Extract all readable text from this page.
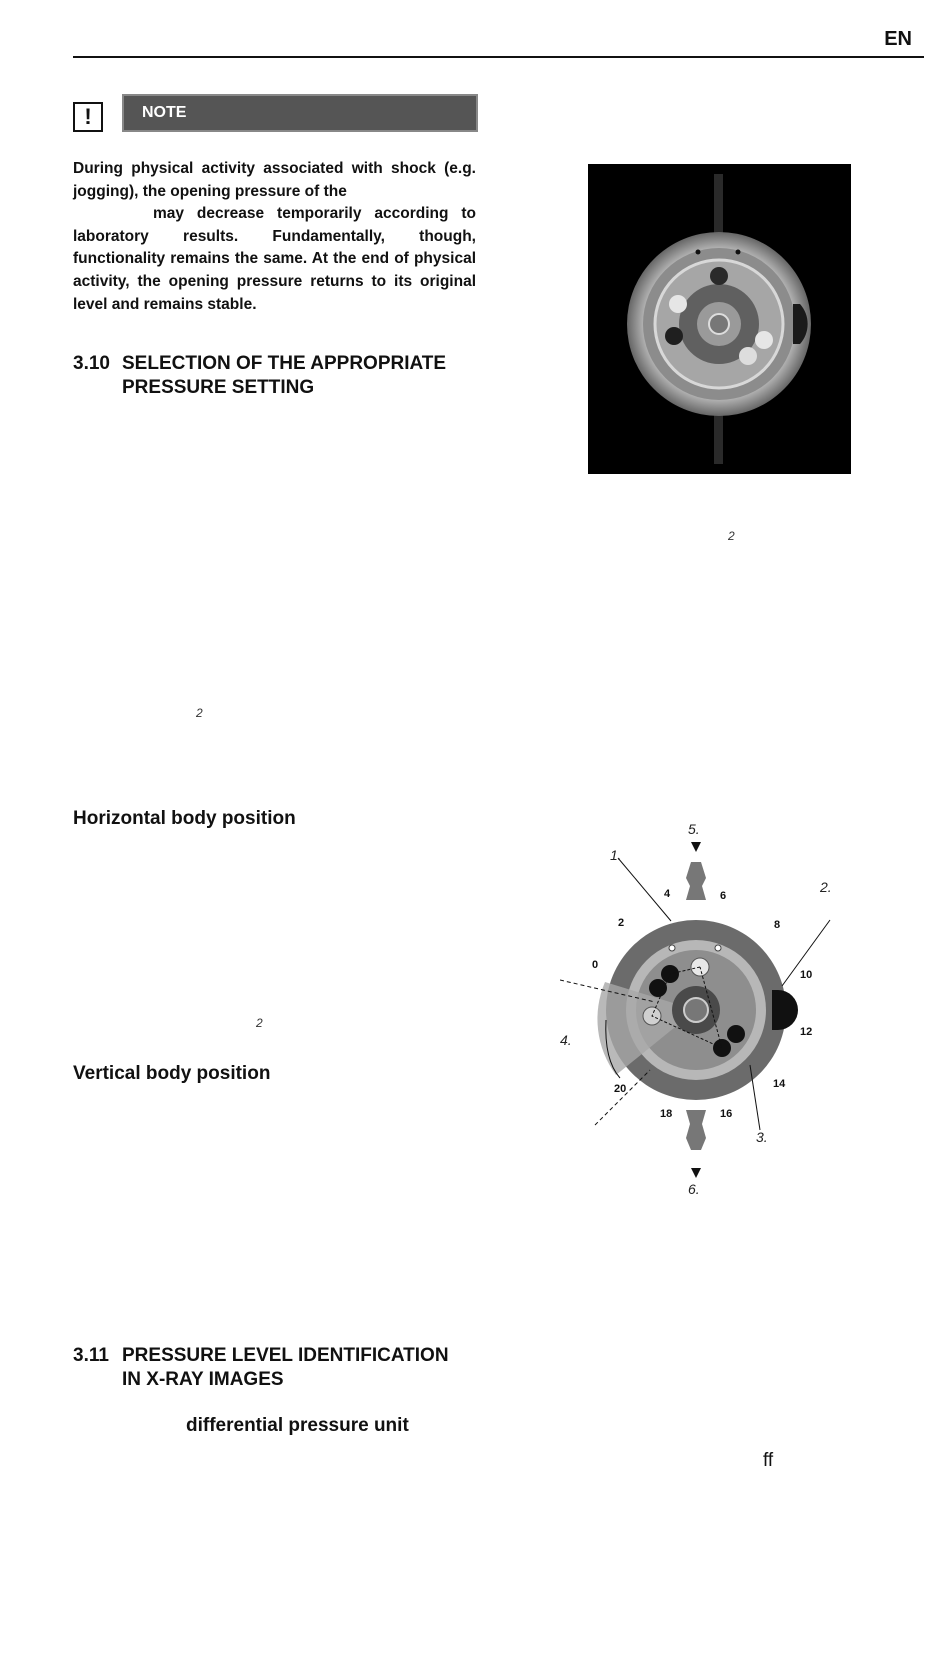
EN
!	NOTE

During physical activity associated with shock (e.g. jogging), the opening pressure of the

may decrease temporarily according to laboratory results. Fundamentally, though, functionality remains the same. At the end of physical activity, the opening pressure returns to its original level and remains stable.

3.10 SELECTION OF THE APPROPRIATE
PRESSURE SETTING
2
2
2
Horizontal body position
Vertical body position
3.11 PRESSURE LEVEL IDENTIFICATION
IN X-RAY IMAGES
differential pressure unit
ff
0
2
4	6
8
10
12
14
16
18
20
1.
2.
3.
4.
5.
6.
